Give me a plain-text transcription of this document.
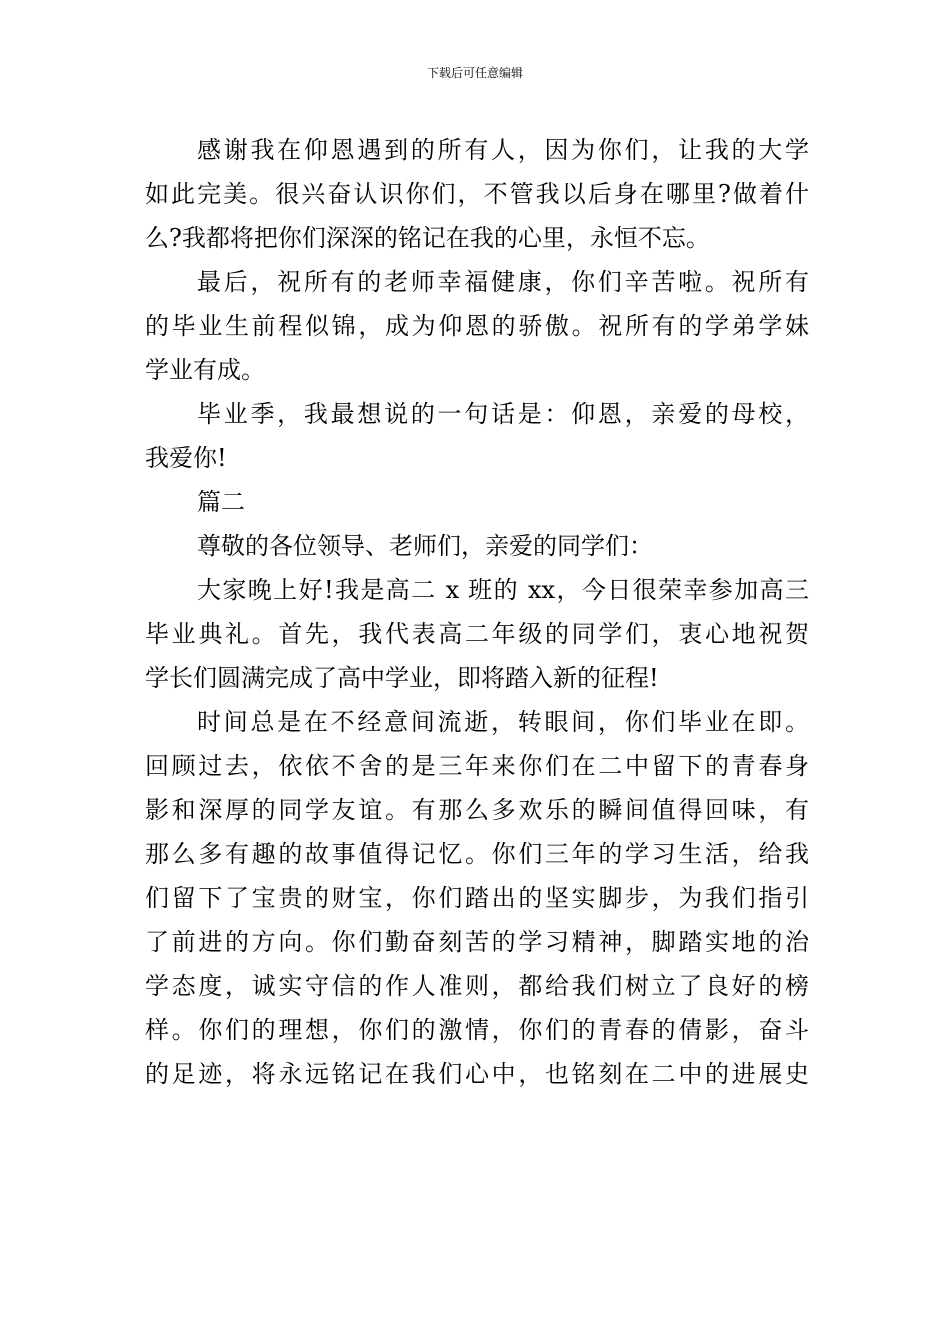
下载后可任意编辑
感谢我在仰恩遇到的所有人，因为你们，让我的大学
如此完美。很兴奋认识你们，不管我以后身在哪里?做着什
么?我都将把你们深深的铭记在我的心里，永恒不忘。
最后，祝所有的老师幸福健康，你们辛苦啦。祝所有
的毕业生前程似锦，成为仰恩的骄傲。祝所有的学弟学妹
学业有成。
毕业季，我最想说的一句话是：仰恩，亲爱的母校，
我爱你!
篇二
尊敬的各位领导、老师们，亲爱的同学们：
大家晚上好!我是高二 x 班的 xx，今日很荣幸参加高三
毕业典礼。首先，我代表高二年级的同学们，衷心地祝贺
学长们圆满完成了高中学业，即将踏入新的征程!
时间总是在不经意间流逝，转眼间，你们毕业在即。
回顾过去，依依不舍的是三年来你们在二中留下的青春身
影和深厚的同学友谊。有那么多欢乐的瞬间值得回味，有
那么多有趣的故事值得记忆。你们三年的学习生活，给我
们留下了宝贵的财宝，你们踏出的坚实脚步，为我们指引
了前进的方向。你们勤奋刻苦的学习精神，脚踏实地的治
学态度，诚实守信的作人准则，都给我们树立了良好的榜
样。你们的理想，你们的激情，你们的青春的倩影，奋斗
的足迹，将永远铭记在我们心中，也铭刻在二中的进展史
